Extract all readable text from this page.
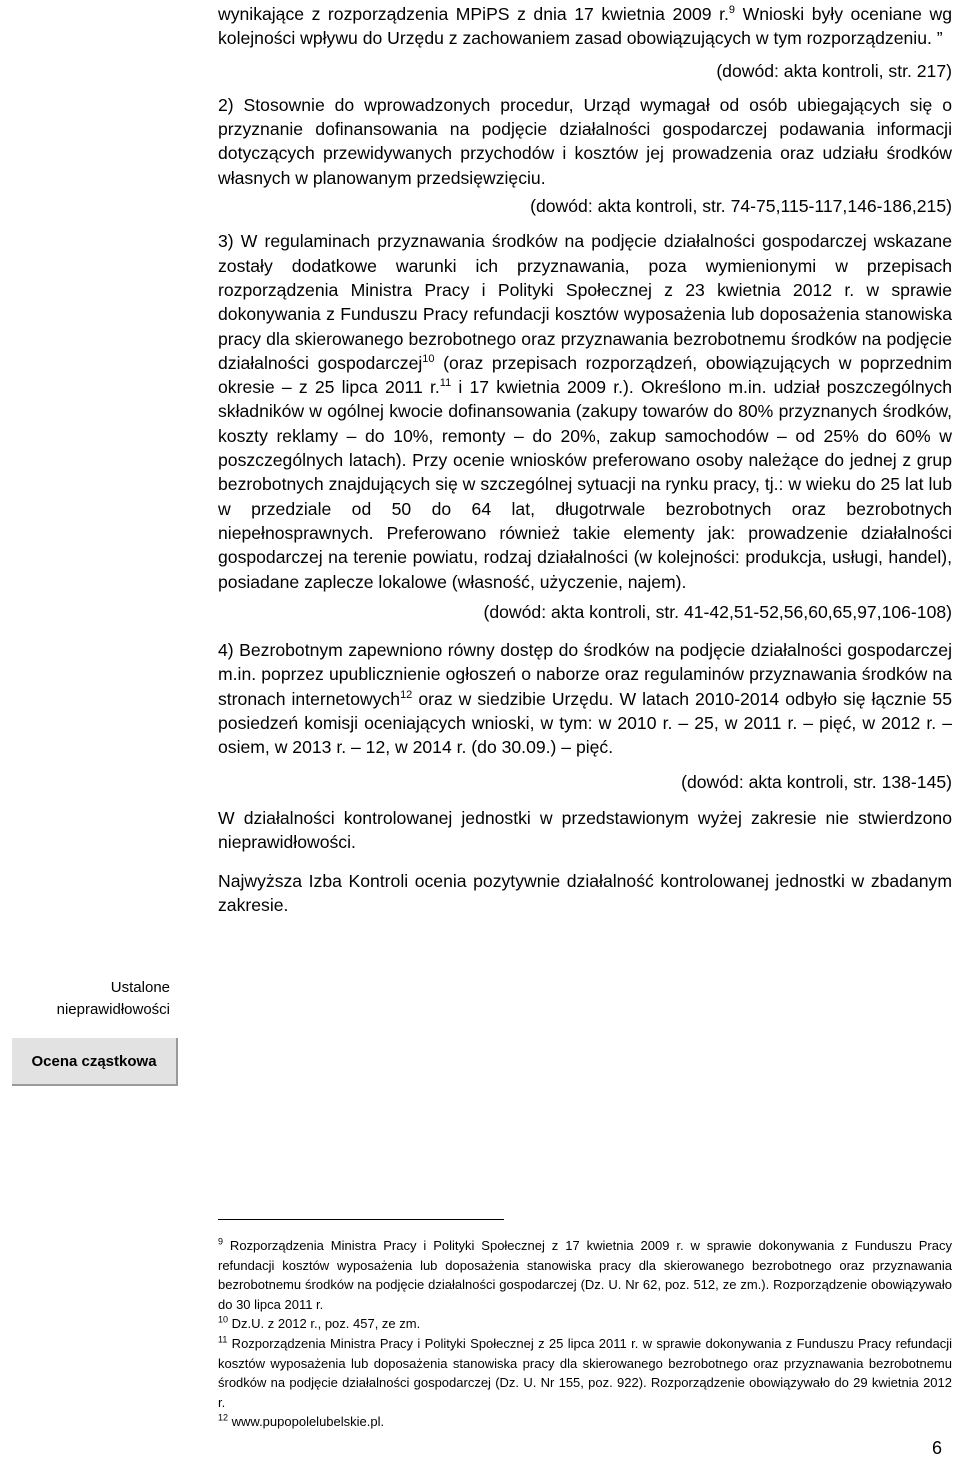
wynikające z rozporządzenia MPiPS z dnia 17 kwietnia 2009 r.$^9$ Wnioski były oceniane wg kolejności wpływu do Urzędu z zachowaniem zasad obowiązujących w tym rozporządzeniu. ”

(dowód: akta kontroli, str. 217)

2) Stosownie do wprowadzonych procedur, Urząd wymagał od osób ubiegających się o przyznanie dofinansowania na podjęcie działalności gospodarczej podawania informacji dotyczących przewidywanych przychodów i kosztów jej prowadzenia oraz udziału środków własnych w planowanym przedsięwzięciu.

(dowód: akta kontroli, str. 74-75,115-117,146-186,215)

3) W regulaminach przyznawania środków na podjęcie działalności gospodarczej wskazane zostały dodatkowe warunki ich przyznawania, poza wymienionymi w przepisach rozporządzenia Ministra Pracy i Polityki Społecznej z 23 kwietnia 2012 r. w sprawie dokonywania z Funduszu Pracy refundacji kosztów wyposażenia lub doposażenia stanowiska pracy dla skierowanego bezrobotnego oraz przyznawania bezrobotnemu środków na podjęcie działalności gospodarczej$^{10}$ (oraz przepisach rozporządzeń, obowiązujących w poprzednim okresie – z 25 lipca 2011 r.$^{11}$ i 17 kwietnia 2009 r.). Określono m.in. udział poszczególnych składników w ogólnej kwocie dofinansowania (zakupy towarów do 80% przyznanych środków, koszty reklamy – do 10%, remonty – do 20%, zakup samochodów – od 25% do 60% w poszczególnych latach). Przy ocenie wniosków preferowano osoby należące do jednej z grup bezrobotnych znajdujących się w szczególnej sytuacji na rynku pracy, tj.: w wieku do 25 lat lub w przedziale od 50 do 64 lat, długotrwale bezrobotnych oraz bezrobotnych niepełnosprawnych. Preferowano również takie elementy jak: prowadzenie działalności gospodarczej na terenie powiatu, rodzaj działalności (w kolejności: produkcja, usługi, handel), posiadane zaplecze lokalowe (własność, użyczenie, najem).

(dowód: akta kontroli, str. 41-42,51-52,56,60,65,97,106-108)

4) Bezrobotnym zapewniono równy dostęp do środków na podjęcie działalności gospodarczej m.in. poprzez upublicznienie ogłoszeń o naborze oraz regulaminów przyznawania środków na stronach internetowych$^{12}$ oraz w siedzibie Urzędu. W latach 2010-2014 odbyło się łącznie 55 posiedzeń komisji oceniających wnioski, w tym: w 2010 r. – 25, w 2011 r. – pięć, w 2012 r. – osiem, w 2013 r. – 12, w 2014 r. (do 30.09.) – pięć.

(dowód: akta kontroli, str. 138-145)

W działalności kontrolowanej jednostki w przedstawionym wyżej zakresie nie stwierdzono nieprawidłowości.

Najwyższa Izba Kontroli ocenia pozytywnie działalność kontrolowanej jednostki w zbadanym zakresie.

Ustalone
nieprawidłowości
Ocena cząstkowa

$^9$ Rozporządzenia Ministra Pracy i Polityki Społecznej z 17 kwietnia 2009 r. w sprawie dokonywania z Funduszu Pracy refundacji kosztów wyposażenia lub doposażenia stanowiska pracy dla skierowanego bezrobotnego oraz przyznawania bezrobotnemu środków na podjęcie działalności gospodarczej (Dz. U. Nr 62, poz. 512, ze zm.). Rozporządzenie obowiązywało do 30 lipca 2011 r.

$^{10}$ Dz.U. z 2012 r., poz. 457, ze zm.

$^{11}$ Rozporządzenia Ministra Pracy i Polityki Społecznej z 25 lipca 2011 r. w sprawie dokonywania z Funduszu Pracy refundacji kosztów wyposażenia lub doposażenia stanowiska pracy dla skierowanego bezrobotnego oraz przyznawania bezrobotnemu środków na podjęcie działalności gospodarczej (Dz. U. Nr 155, poz. 922). Rozporządzenie obowiązywało do 29 kwietnia 2012 r.

$^{12}$ www.pupopolelubelskie.pl.

6
